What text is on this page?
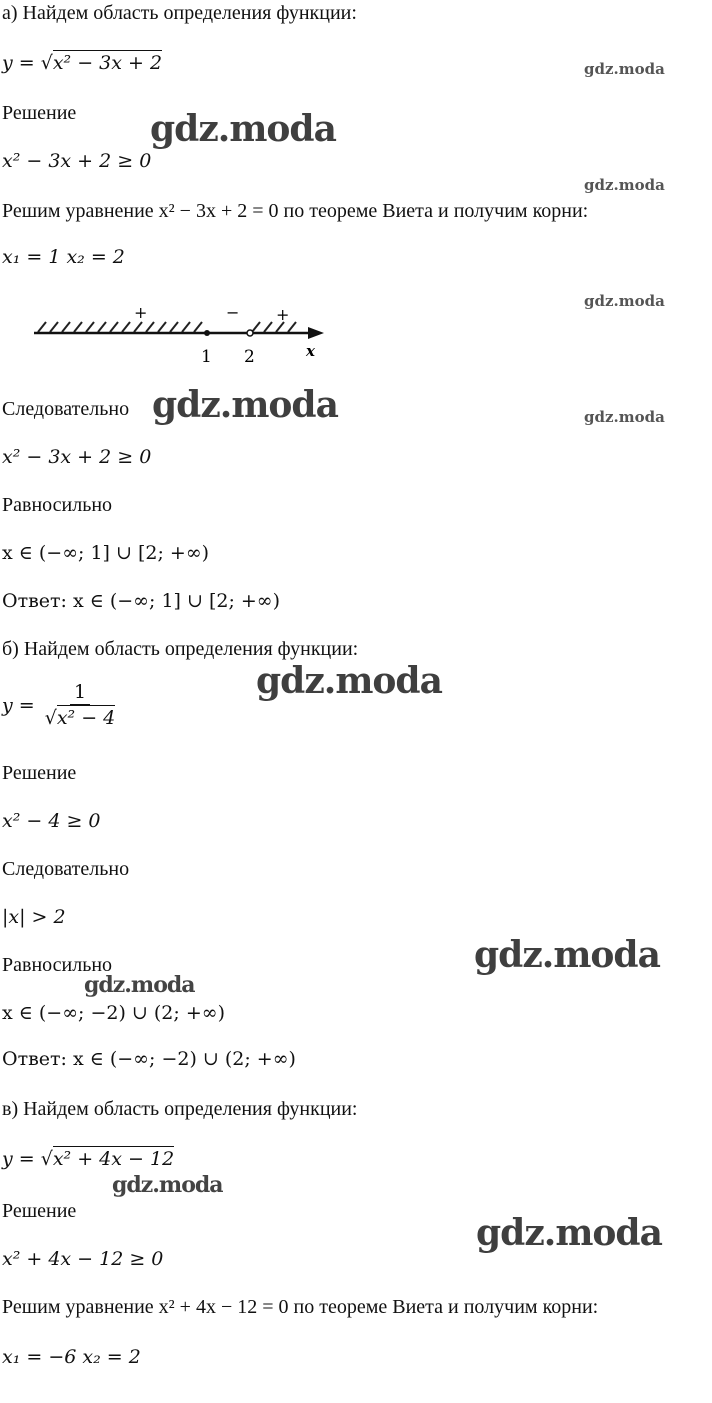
а) Найдем область определения функции:
y = √x² − 3x + 2
Решение
x² − 3x + 2 ≥ 0
Решим уравнение x² − 3x + 2 = 0 по теореме Виета и получим корни:
x₁ = 1 x₂ = 2
+	− +
1 2	x
Следовательно
x² − 3x + 2 ≥ 0
Равносильно
x ∈ (−∞; 1] ∪ [2; +∞)
Ответ: x ∈ (−∞; 1] ∪ [2; +∞)
б) Найдем область определения функции:
$y = \frac{1}{\text{√x² − 4}}$
Решение
x² − 4 ≥ 0
Следовательно
|x| > 2
Равносильно
x ∈ (−∞; −2) ∪ (2; +∞)
Ответ: x ∈ (−∞; −2) ∪ (2; +∞)
в) Найдем область определения функции:
y = √x² + 4x − 12
Решение
x² + 4x − 12 ≥ 0
Решим уравнение x² + 4x − 12 = 0 по теореме Виета и получим корни:
x₁ = −6 x₂ = 2
gdz.moda
gdz.moda
gdz.moda
gdz.moda
gdz.moda	gdz.moda
gdz.moda
gdz.moda
gdz.moda
gdz.moda
gdz.moda
